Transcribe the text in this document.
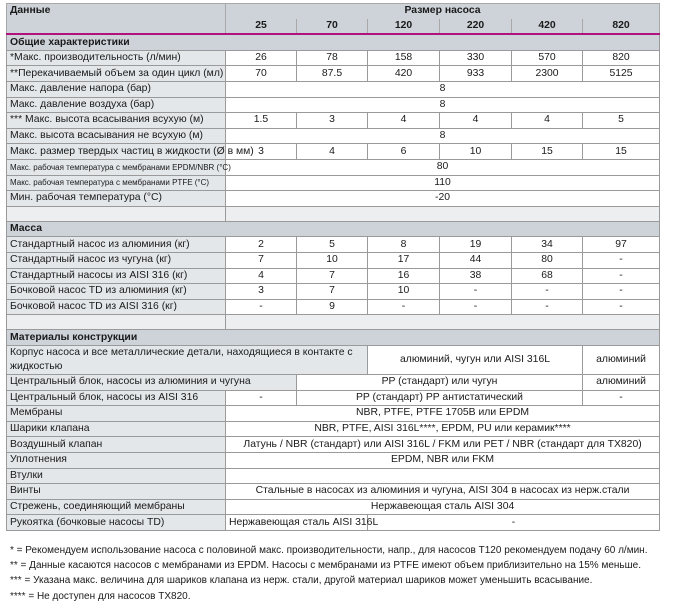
Данные	Размер насоса					
	25	70	120	220	420	820
Общие характеристики						
*Макс. производительность (л/мин)	26	78	158	330	570	820
**Перекачиваемый объем за один цикл (мл)	70	87.5	420	933	2300	5125
Макс. давление напора (бар)	8					
Макс. давление воздуха (бар)	8					
*** Макс. высота всасывания всухую (м)	1.5	3	4	4	4	5
Макс. высота всасывания не всухую (м)	8					
Макс. размер твердых частиц в жидкости (Ø в мм)	3	4	6	10	15	15
Макс. рабочая температура с мембранами EPDM/NBR (°C)	80					
Макс. рабочая температура с мембранами PTFE (°C)	110					
Мин. рабочая температура (°C)	-20					

Масса						
Стандартный насос из алюминия (кг)	2	5	8	19	34	97
Стандартный насос из чугуна (кг)	7	10	17	44	80	-
Стандартный насосы из AISI 316 (кг)	4	7	16	38	68	-
Бочковой насос TD из алюминия (кг)	3	7	10	-	-	-
Бочковой насос TD из AISI 316 (кг)	-	9	-	-	-	-

Материалы конструкции						
Корпус насоса и все металлические детали, находящиеся в контакте с жидкостью			алюминий, чугун или AISI 316L			алюминий
Центральный блок, насосы из алюминия и чугуна		PP (стандарт) или чугун				алюминий
Центральный блок, насосы из AISI 316	-	PP (стандарт) PP антистатический				-
Мембраны	NBR, PTFE, PTFE 1705B или EPDM					
Шарики клапана	NBR, PTFE, AISI 316L****, EPDM, PU или керамик****					
Воздушный клапан	Латунь / NBR (стандарт) или AISI 316L / FKM или PET / NBR (стандарт для TX820)					
Уплотнения	EPDM, NBR или FKM					
Втулки						
Винты	Стальные в насосах из алюминия и чугуна, AISI 304 в насосах из нерж.стали					
Стрежень, соединяющий мембраны	Нержавеющая сталь AISI 304					
Рукоятка (бочковые насосы TD)	Нержавеющая сталь AISI 316L		-			
* = Рекомендуем использование насоса с половиной макс. производительности, напр., для насосов T120 рекомендуем подачу 60 л/мин.
** = Данные касаются насосов с мембранами из EPDM. Насосы с мембранами из PTFE имеют объем приблизительно на 15% меньше.
*** = Указана макс. величина для шариков клапана из нерж. стали, другой материал шариков может уменьшить всасывание.
**** = Не доступен для насосов TX820.
